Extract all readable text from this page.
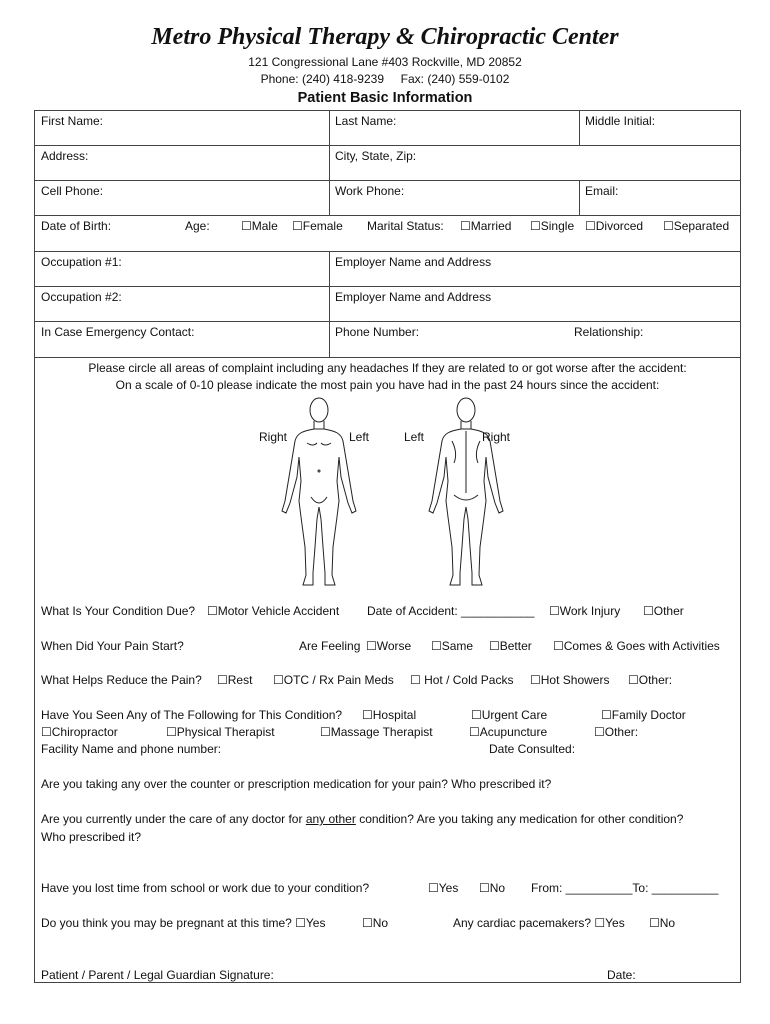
Metro Physical Therapy & Chiropractic Center
121 Congressional Lane #403 Rockville, MD 20852
Phone: (240) 418-9239     Fax: (240) 559-0102
Patient Basic Information
First Name:	Last Name:	Middle Initial:
Address:	City, State, Zip:
Cell Phone:	Work Phone:	Email:
Date of Birth:	Age:	☐Male ☐Female Marital Status: ☐Married ☐Single ☐Divorced ☐Separated
Occupation #1:	Employer Name and Address
Occupation #2:	Employer Name and Address
In Case Emergency Contact:	Phone Number:	Relationship:
Please circle all areas of complaint including any headaches If they are related to or got worse after the accident:
On a scale of 0-10 please indicate the most pain you have had in the past 24 hours since the accident:
Right	Left	Left	Right
What Is Your Condition Due? ☐Motor Vehicle Accident Date of Accident: ___________ ☐Work Injury ☐Other
When Did Your Pain Start?	Are Feeling ☐Worse ☐Same ☐Better ☐Comes & Goes with Activities
What Helps Reduce the Pain? ☐Rest ☐OTC / Rx Pain Meds ☐ Hot / Cold Packs ☐Hot Showers ☐Other:
Have You Seen Any of The Following for This Condition? ☐Hospital	☐Urgent Care	☐Family Doctor
☐Chiropractor	☐Physical Therapist	☐Massage Therapist	☐Acupuncture	☐Other:
Facility Name and phone number:	Date Consulted:
Are you taking any over the counter or prescription medication for your pain? Who prescribed it?
Are you currently under the care of any doctor for any other condition? Are you taking any medication for other condition?
Who prescribed it?
Have you lost time from school or work due to your condition?	☐Yes ☐No From: __________To: __________
Do you think you may be pregnant at this time? ☐Yes	☐No	Any cardiac pacemakers? ☐Yes ☐No
Patient / Parent / Legal Guardian Signature:	Date:
